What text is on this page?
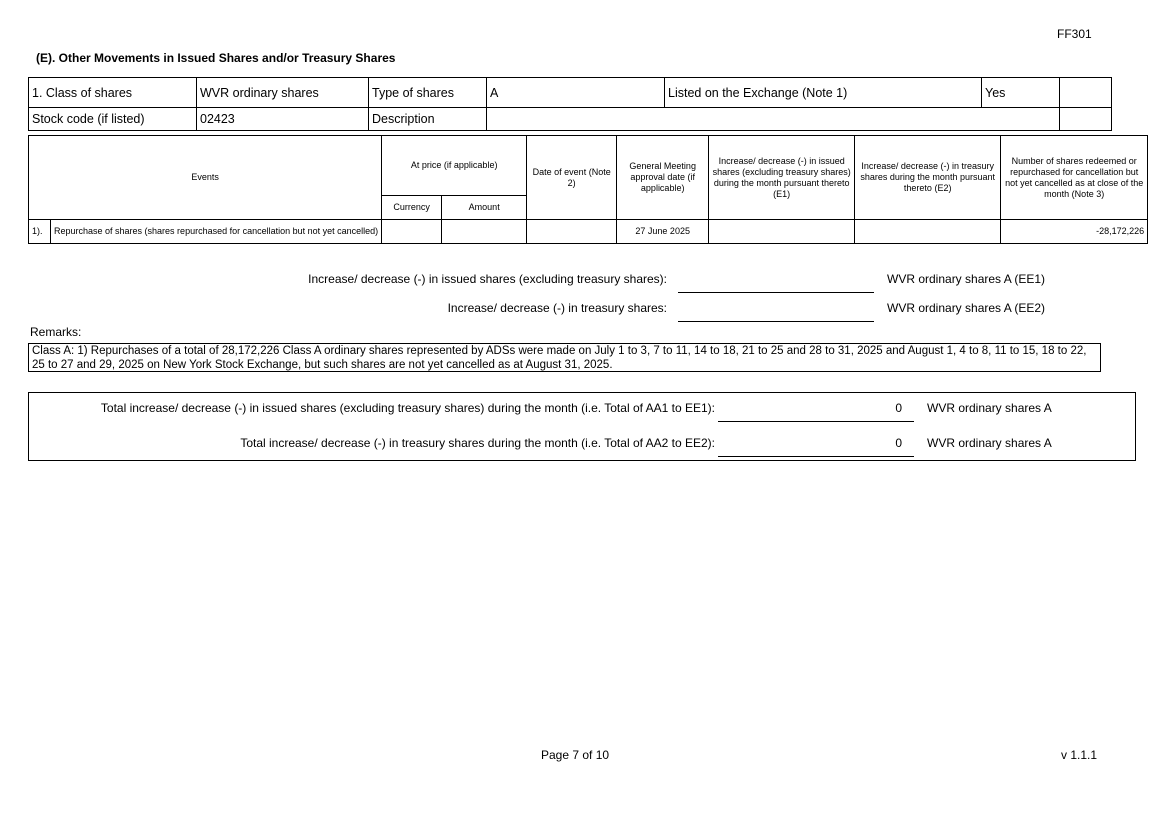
FF301
(E). Other Movements in Issued Shares and/or Treasury Shares
1. Class of shares	WVR ordinary shares	Type of shares	A	Listed on the Exchange (Note 1)	Yes	
Stock code (if listed)	02423	Description				
Events		At price (if applicable)		Date of event (Note 2)	General Meeting approval date (if applicable)	Increase/ decrease (-) in issued shares (excluding treasury shares) during the month pursuant thereto (E1)	Increase/ decrease (-) in treasury shares during the month pursuant thereto (E2)	Number of shares redeemed or repurchased for cancellation but not yet cancelled as at close of the month (Note 3)
		Currency	Amount					
1).	Repurchase of shares (shares repurchased for cancellation but not yet cancelled)				27 June 2025			-28,172,226
Increase/ decrease (-) in issued shares (excluding treasury shares):	WVR ordinary shares A (EE1)
Increase/ decrease (-) in treasury shares:	WVR ordinary shares A (EE2)
Remarks:
Class A: 1) Repurchases of a total of 28,172,226 Class A ordinary shares represented by ADSs were made on July 1 to 3, 7 to 11, 14 to 18, 21 to 25 and 28 to 31, 2025 and August 1, 4 to 8, 11 to 15, 18 to 22, 25 to 27 and 29, 2025 on New York Stock Exchange, but such shares are not yet cancelled as at August 31, 2025.
Total increase/ decrease (-) in issued shares (excluding treasury shares) during the month (i.e. Total of AA1 to EE1):	0 WVR ordinary shares A
Total increase/ decrease (-) in treasury shares during the month (i.e. Total of AA2 to EE2):	0 WVR ordinary shares A
Page 7 of 10	v 1.1.1
